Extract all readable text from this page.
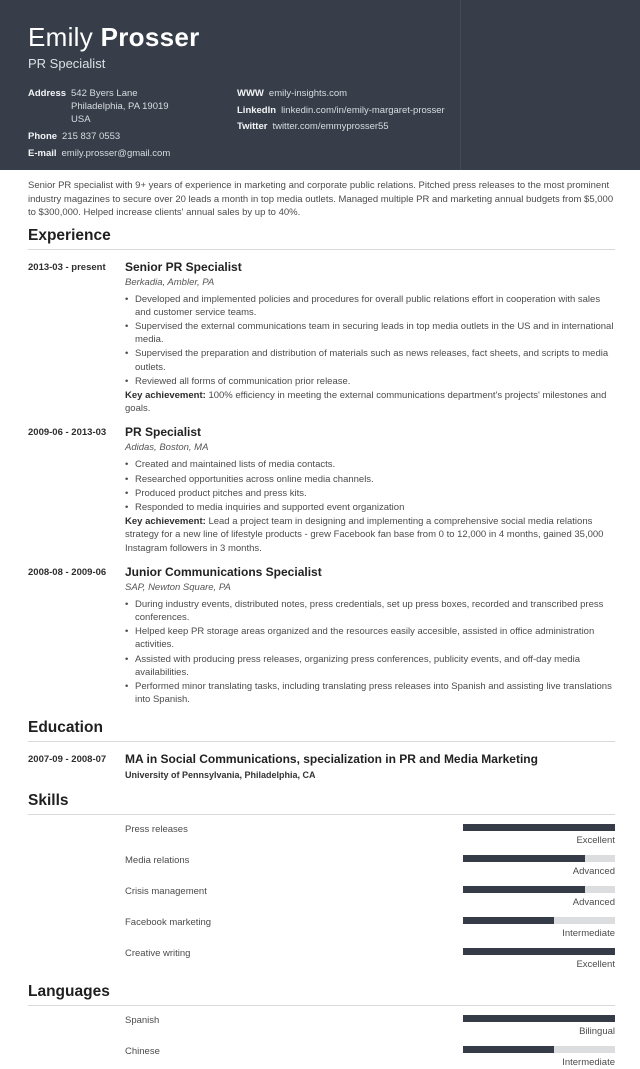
Emily Prosser
PR Specialist
Address 542 Byers Lane
Philadelphia, PA 19019
USA
Phone 215 837 0553
E-mail emily.prosser@gmail.com
WWW emily-insights.com
LinkedIn linkedin.com/in/emily-margaret-prosser
Twitter twitter.com/emmyprosser55

Senior PR specialist with 9+ years of experience in marketing and corporate public relations. Pitched press releases to the most prominent industry magazines to secure over 20 leads a month in top media outlets. Managed multiple PR and marketing annual budgets from $5,000 to $300,000. Helped increase clients' annual sales by up to 40%.

Experience
2013-03 - present	Senior PR Specialist
Berkadia, Ambler, PA
• Developed and implemented policies and procedures for overall public relations effort in cooperation with sales and customer service teams.
• Supervised the external communications team in securing leads in top media outlets in the US and in international media.
• Supervised the preparation and distribution of materials such as news releases, fact sheets, and scripts to media outlets.
• Reviewed all forms of communication prior release.
Key achievement: 100% efficiency in meeting the external communications department's projects' milestones and goals.
2009-06 - 2013-03	PR Specialist
Adidas, Boston, MA
• Created and maintained lists of media contacts.
• Researched opportunities across online media channels.
• Produced product pitches and press kits.
• Responded to media inquiries and supported event organization
Key achievement: Lead a project team in designing and implementing a comprehensive social media relations strategy for a new line of lifestyle products - grew Facebook fan base from 0 to 12,000 in 4 months, gained 35,000 Instagram followers in 3 months.
2008-08 - 2009-06	Junior Communications Specialist
SAP, Newton Square, PA
• During industry events, distributed notes, press credentials, set up press boxes, recorded and transcribed press conferences.
• Helped keep PR storage areas organized and the resources easily accesible, assisted in office administration activities.
• Assisted with producing press releases, organizing press conferences, publicity events, and off-day media availabilities.
• Performed minor translating tasks, including translating press releases into Spanish and assisting live translations into Spanish.
Education
2007-09 - 2008-07	MA in Social Communications, specialization in PR and Media Marketing
University of Pennsylvania, Philadelphia, CA
Skills
Press releases
Excellent
Media relations
Advanced
Crisis management
Advanced
Facebook marketing
Intermediate
Creative writing
Excellent
Languages
Spanish
Bilingual
Chinese
Intermediate
